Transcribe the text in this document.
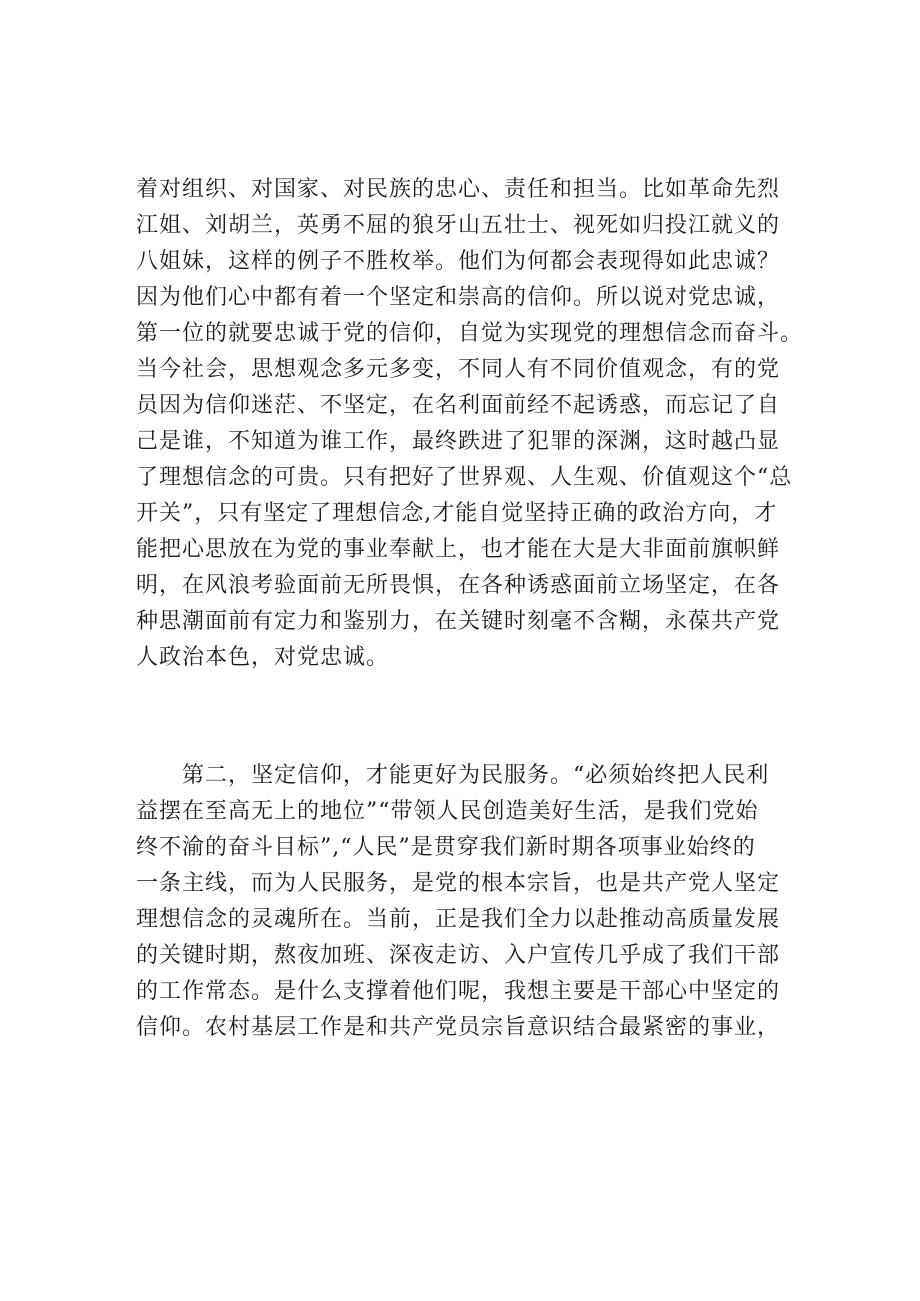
着对组织、对国家、对民族的忠心、责任和担当。比如革命先烈
江姐、刘胡兰，英勇不屈的狼牙山五壮士、视死如归投江就义的
八姐妹，这样的例子不胜枚举。他们为何都会表现得如此忠诚？
因为他们心中都有着一个坚定和崇高的信仰。所以说对党忠诚，
第一位的就要忠诚于党的信仰，自觉为实现党的理想信念而奋斗。
当今社会，思想观念多元多变，不同人有不同价值观念，有的党
员因为信仰迷茫、不坚定，在名利面前经不起诱惑，而忘记了自
己是谁，不知道为谁工作，最终跌进了犯罪的深渊，这时越凸显
了理想信念的可贵。只有把好了世界观、人生观、价值观这个“总
开关”，只有坚定了理想信念,才能自觉坚持正确的政治方向，才
能把心思放在为党的事业奉献上，也才能在大是大非面前旗帜鲜
明，在风浪考验面前无所畏惧，在各种诱惑面前立场坚定，在各
种思潮面前有定力和鉴别力，在关键时刻毫不含糊，永葆共产党
人政治本色，对党忠诚。
　　第二，坚定信仰，才能更好为民服务。“必须始终把人民利
益摆在至高无上的地位”“带领人民创造美好生活，是我们党始
终不渝的奋斗目标”,“人民”是贯穿我们新时期各项事业始终的
一条主线，而为人民服务，是党的根本宗旨，也是共产党人坚定
理想信念的灵魂所在。当前，正是我们全力以赴推动高质量发展
的关键时期，熬夜加班、深夜走访、入户宣传几乎成了我们干部
的工作常态。是什么支撑着他们呢，我想主要是干部心中坚定的
信仰。农村基层工作是和共产党员宗旨意识结合最紧密的事业，
